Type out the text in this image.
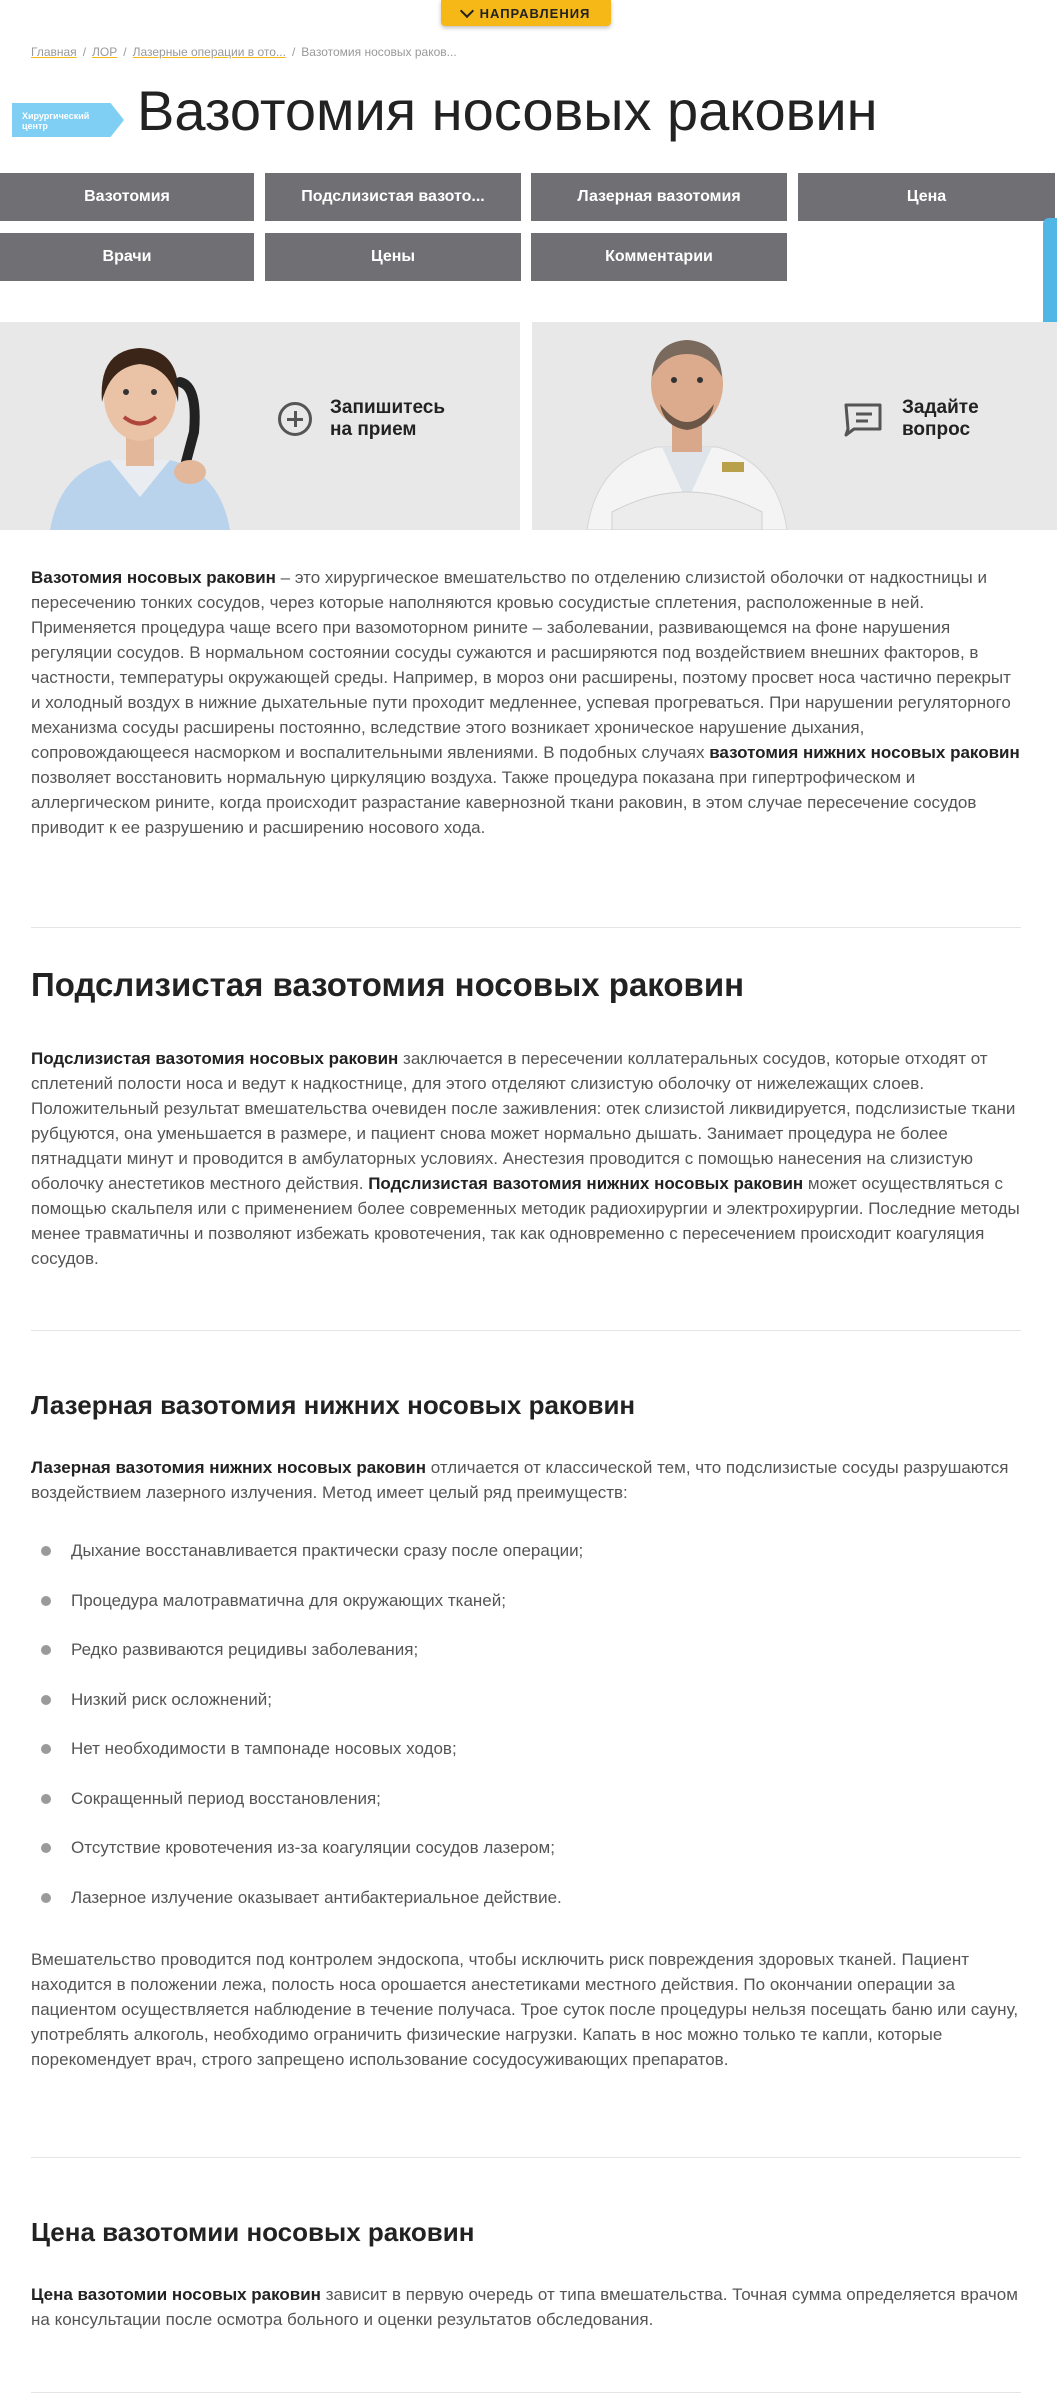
НАПРАВЛЕНИЯ
Главная / ЛОР / Лазерные операции в ото... / Вазотомия носовых раков...
Хирургический центр	Вазотомия носовых раковин
Вазотомия	Подслизистая вазото...	Лазерная вазотомия	Цена
Врачи	Цены	Комментарии
Запишитесь
на прием
Задайте
вопрос

Вазотомия носовых раковин – это хирургическое вмешательство по отделению слизистой оболочки от надкостницы и пересечению тонких сосудов, через которые наполняются кровью сосудистые сплетения, расположенные в ней. Применяется процедура чаще всего при вазомоторном рините – заболевании, развивающемся на фоне нарушения регуляции сосудов. В нормальном состоянии сосуды сужаются и расширяются под воздействием внешних факторов, в частности, температуры окружающей среды. Например, в мороз они расширены, поэтому просвет носа частично перекрыт и холодный воздух в нижние дыхательные пути проходит медленнее, успевая прогреваться. При нарушении регуляторного механизма сосуды расширены постоянно, вследствие этого возникает хроническое нарушение дыхания, сопровождающееся насморком и воспалительными явлениями. В подобных случаях вазотомия нижних носовых раковин позволяет восстановить нормальную циркуляцию воздуха. Также процедура показана при гипертрофическом и аллергическом рините, когда происходит разрастание кавернозной ткани раковин, в этом случае пересечение сосудов приводит к ее разрушению и расширению носового хода.

Подслизистая вазотомия носовых раковин

Подслизистая вазотомия носовых раковин заключается в пересечении коллатеральных сосудов, которые отходят от сплетений полости носа и ведут к надкостнице, для этого отделяют слизистую оболочку от нижележащих слоев. Положительный результат вмешательства очевиден после заживления: отек слизистой ликвидируется, подслизистые ткани рубцуются, она уменьшается в размере, и пациент снова может нормально дышать. Занимает процедура не более пятнадцати минут и проводится в амбулаторных условиях. Анестезия проводится с помощью нанесения на слизистую оболочку анестетиков местного действия. Подслизистая вазотомия нижних носовых раковин может осуществляться с помощью скальпеля или с применением более современных методик радиохирургии и электрохирургии. Последние методы менее травматичны и позволяют избежать кровотечения, так как одновременно с пересечением происходит коагуляция сосудов.

Лазерная вазотомия нижних носовых раковин

Лазерная вазотомия нижних носовых раковин отличается от классической тем, что подслизистые сосуды разрушаются воздействием лазерного излучения. Метод имеет целый ряд преимуществ:

Дыхание восстанавливается практически сразу после операции;
Процедура малотравматична для окружающих тканей;
Редко развиваются рецидивы заболевания;
Низкий риск осложнений;
Нет необходимости в тампонаде носовых ходов;
Сокращенный период восстановления;
Отсутствие кровотечения из-за коагуляции сосудов лазером;
Лазерное излучение оказывает антибактериальное действие.

Вмешательство проводится под контролем эндоскопа, чтобы исключить риск повреждения здоровых тканей. Пациент находится в положении лежа, полость носа орошается анестетиками местного действия. По окончании операции за пациентом осуществляется наблюдение в течение получаса. Трое суток после процедуры нельзя посещать баню или сауну, употреблять алкоголь, необходимо ограничить физические нагрузки. Капать в нос можно только те капли, которые порекомендует врач, строго запрещено использование сосудосуживающих препаратов.

Цена вазотомии носовых раковин

Цена вазотомии носовых раковин зависит в первую очередь от типа вмешательства. Точная сумма определяется врачом на консультации после осмотра больного и оценки результатов обследования.
